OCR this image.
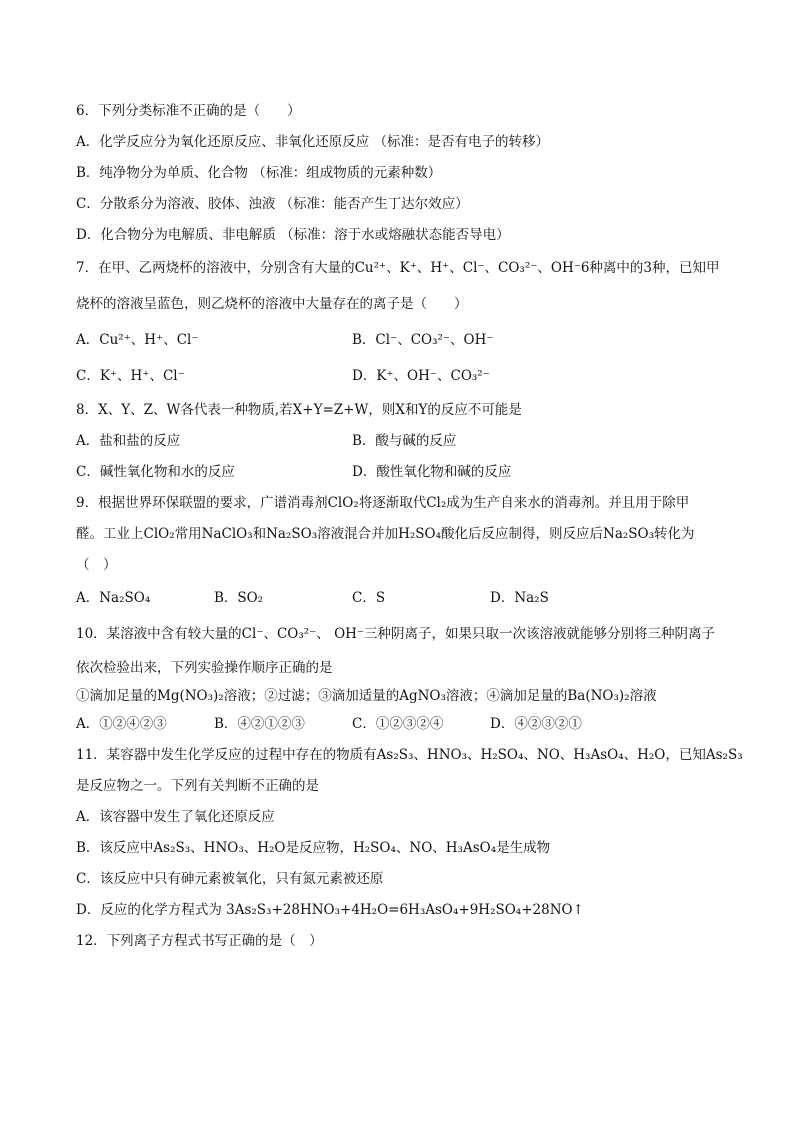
6．下列分类标准不正确的是（　　）
A．化学反应分为氧化还原反应、非氧化还原反应 （标准：是否有电子的转移）
B．纯净物分为单质、化合物 （标准：组成物质的元素种数）
C．分散系分为溶液、胶体、浊液 （标准：能否产生丁达尔效应）
D．化合物分为电解质、非电解质 （标准：溶于水或熔融状态能否导电）
7．在甲、乙两烧杯的溶液中，分别含有大量的Cu²⁺、K⁺、H⁺、Cl⁻、CO₃²⁻、OH⁻6种离中的3种，已知甲
烧杯的溶液呈蓝色，则乙烧杯的溶液中大量存在的离子是（　　）
A．Cu²⁺、H⁺、Cl⁻	B．Cl⁻、CO₃²⁻、OH⁻
C．K⁺、H⁺、Cl⁻	D．K⁺、OH⁻、CO₃²⁻
8．X、Y、Z、W各代表一种物质,若X+Y=Z+W，则X和Y的反应不可能是
A．盐和盐的反应	B．酸与碱的反应
C．碱性氧化物和水的反应	D．酸性氧化物和碱的反应
9．根据世界环保联盟的要求，广谱消毒剂ClO₂将逐渐取代Cl₂成为生产自来水的消毒剂。并且用于除甲
醛。工业上ClO₂常用NaClO₃和Na₂SO₃溶液混合并加H₂SO₄酸化后反应制得，则反应后Na₂SO₃转化为
（　）
A．Na₂SO₄	B．SO₂	C．S	D．Na₂S
10．某溶液中含有较大量的Cl⁻、CO₃²⁻、 OH⁻三种阴离子，如果只取一次该溶液就能够分别将三种阴离子
依次检验出来，下列实验操作顺序正确的是
①滴加足量的Mg(NO₃)₂溶液；②过滤；③滴加适量的AgNO₃溶液；④滴加足量的Ba(NO₃)₂溶液
A．①②④②③	B．④②①②③	C．①②③②④	D．④②③②①
11．某容器中发生化学反应的过程中存在的物质有As₂S₃、HNO₃、H₂SO₄、NO、H₃AsO₄、H₂O，已知As₂S₃
是反应物之一。下列有关判断不正确的是
A．该容器中发生了氧化还原反应
B．该反应中As₂S₃、HNO₃、H₂O是反应物，H₂SO₄、NO、H₃AsO₄是生成物
C．该反应中只有砷元素被氧化，只有氮元素被还原
D．反应的化学方程式为 3As₂S₃+28HNO₃+4H₂O=6H₃AsO₄+9H₂SO₄+28NO↑
12．下列离子方程式书写正确的是（　）
